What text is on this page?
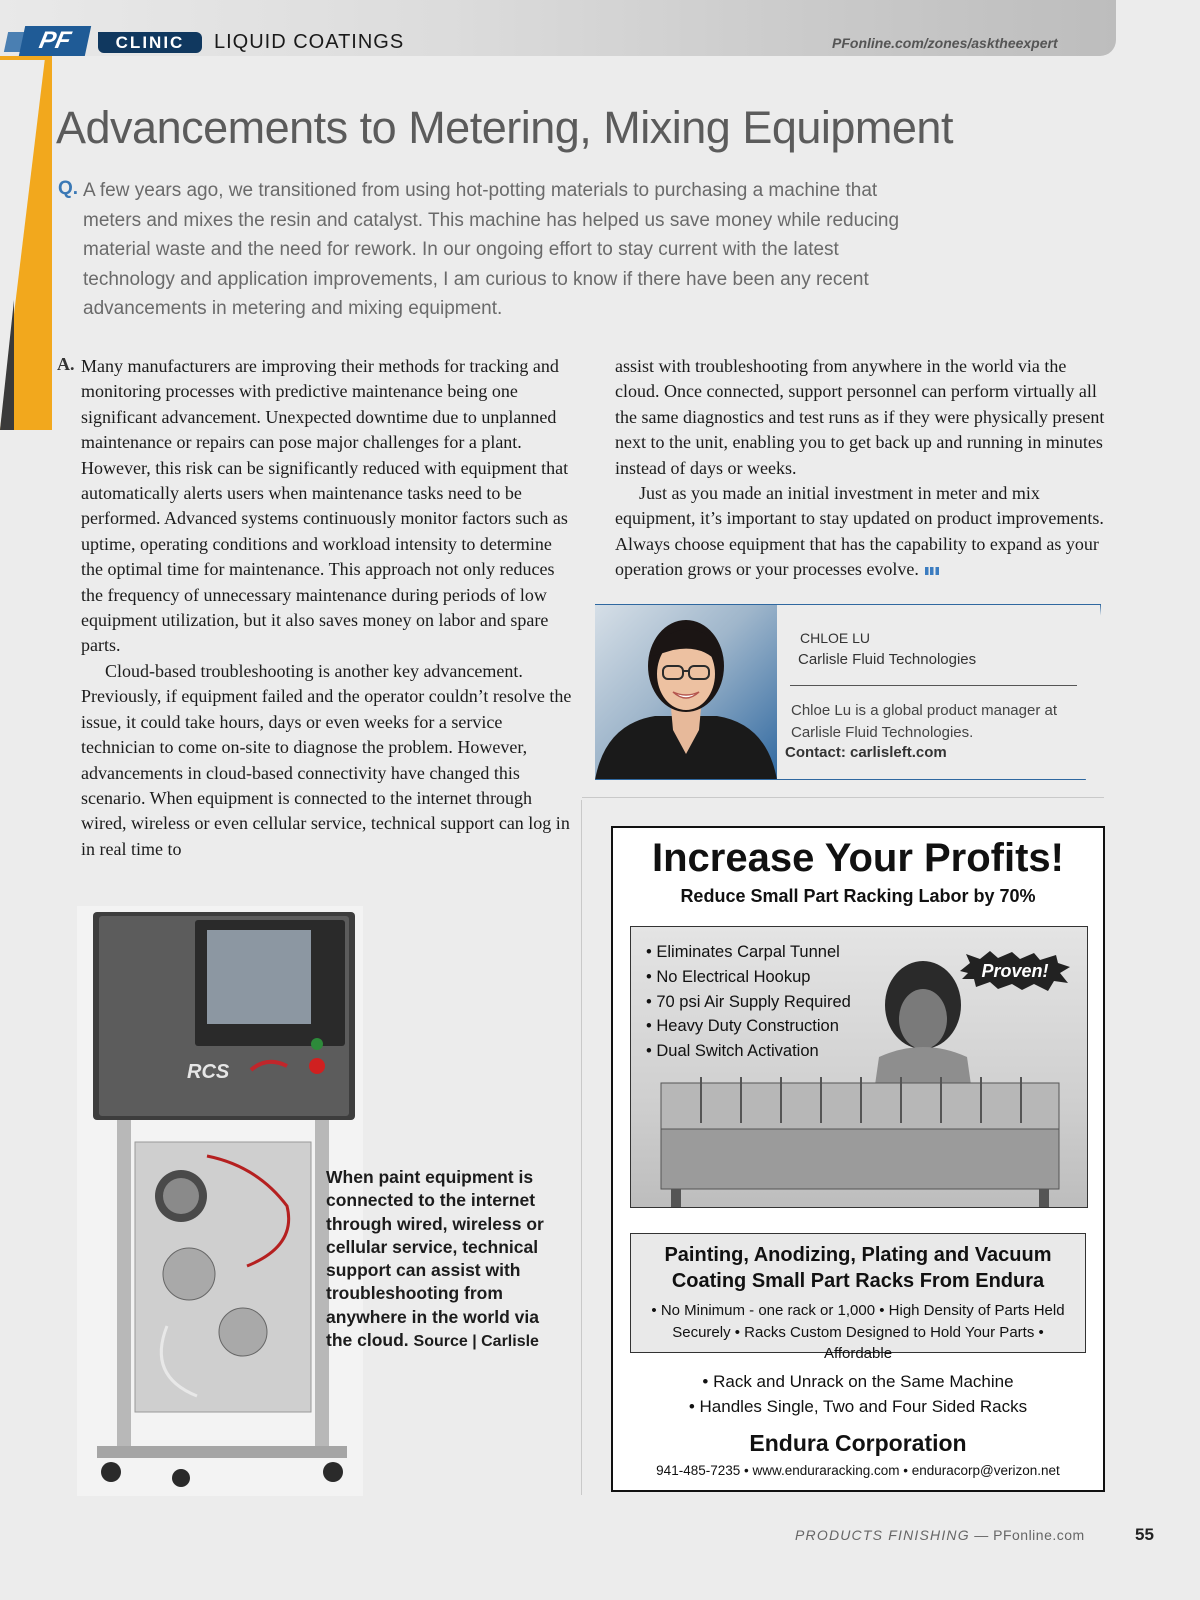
PF	CLINIC	LIQUID COATINGS	PFonline.com/zones/asktheexpert
Advancements to Metering, Mixing Equipment
Q. A few years ago, we transitioned from using hot-potting materials to purchasing a machine that meters and mixes the resin and catalyst. This machine has helped us save money while reducing material waste and the need for rework. In our ongoing effort to stay current with the latest technology and application improvements, I am curious to know if there have been any recent advancements in metering and mixing equipment.
A. Many manufacturers are improving their methods for tracking and monitoring processes with predictive maintenance being one significant advancement. Unexpected downtime due to unplanned maintenance or repairs can pose major challenges for a plant. However, this risk can be significantly reduced with equipment that automatically alerts users when maintenance tasks need to be performed. Advanced systems continuously monitor factors such as uptime, operating conditions and workload intensity to determine the optimal time for maintenance. This approach not only reduces the frequency of unnecessary maintenance during periods of low equipment utilization, but it also saves money on labor and spare parts.

Cloud-based troubleshooting is another key advancement. Previously, if equipment failed and the operator couldn’t resolve the issue, it could take hours, days or even weeks for a service technician to come on-site to diagnose the problem. However, advancements in cloud-based connectivity have changed this scenario. When equipment is connected to the internet through wired, wireless or even cellular service, technical support can log in in real time to

assist with troubleshooting from anywhere in the world via the cloud. Once connected, support personnel can perform virtually all the same diagnostics and test runs as if they were physically present next to the unit, enabling you to get back up and running in minutes instead of days or weeks.

Just as you made an initial investment in meter and mix equipment, it’s important to stay updated on product improvements. Always choose equipment that has the capability to expand as your operation grows or your processes evolve.

CHLOE LU
Carlisle Fluid Technologies
Chloe Lu is a global product manager at Carlisle Fluid Technologies.
Contact: carlisleft.com
RCS
When paint equipment is connected to the internet through wired, wireless or cellular service, technical support can assist with troubleshooting from anywhere in the world via the cloud. Source | Carlisle
Increase Your Profits!
Reduce Small Part Racking Labor by 70%
• Eliminates Carpal Tunnel
• No Electrical Hookup
• 70 psi Air Supply Required
• Heavy Duty Construction
• Dual Switch Activation
Proven!
Painting, Anodizing, Plating and Vacuum Coating Small Part Racks From Endura
• No Minimum - one rack or 1,000 • High Density of Parts Held Securely • Racks Custom Designed to Hold Your Parts • Affordable
• Rack and Unrack on the Same Machine
• Handles Single, Two and Four Sided Racks
Endura Corporation
941-485-7235 • www.enduraracking.com • enduracorp@verizon.net
PRODUCTS FINISHING — PFonline.com	55
